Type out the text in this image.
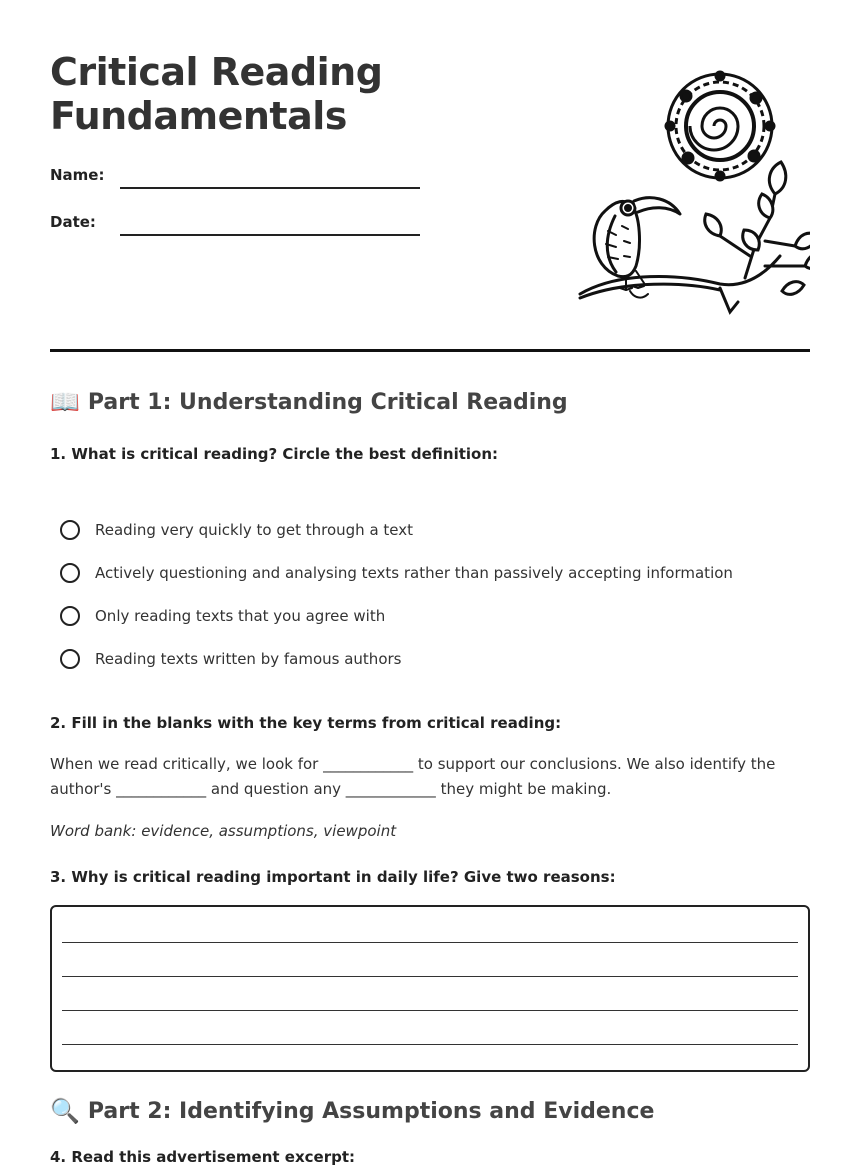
Critical Reading
Fundamentals
Name:
Date:
📖 Part 1: Understanding Critical Reading

1. What is critical reading? Circle the best definition:

Reading very quickly to get through a text
Actively questioning and analysing texts rather than passively accepting information
Only reading texts that you agree with
Reading texts written by famous authors

2. Fill in the blanks with the key terms from critical reading:

When we read critically, we look for ____________ to support our conclusions. We also identify the author's ____________ and question any ____________ they might be making.

Word bank: evidence, assumptions, viewpoint

3. Why is critical reading important in daily life? Give two reasons:

🔍 Part 2: Identifying Assumptions and Evidence

4. Read this advertisement excerpt:
